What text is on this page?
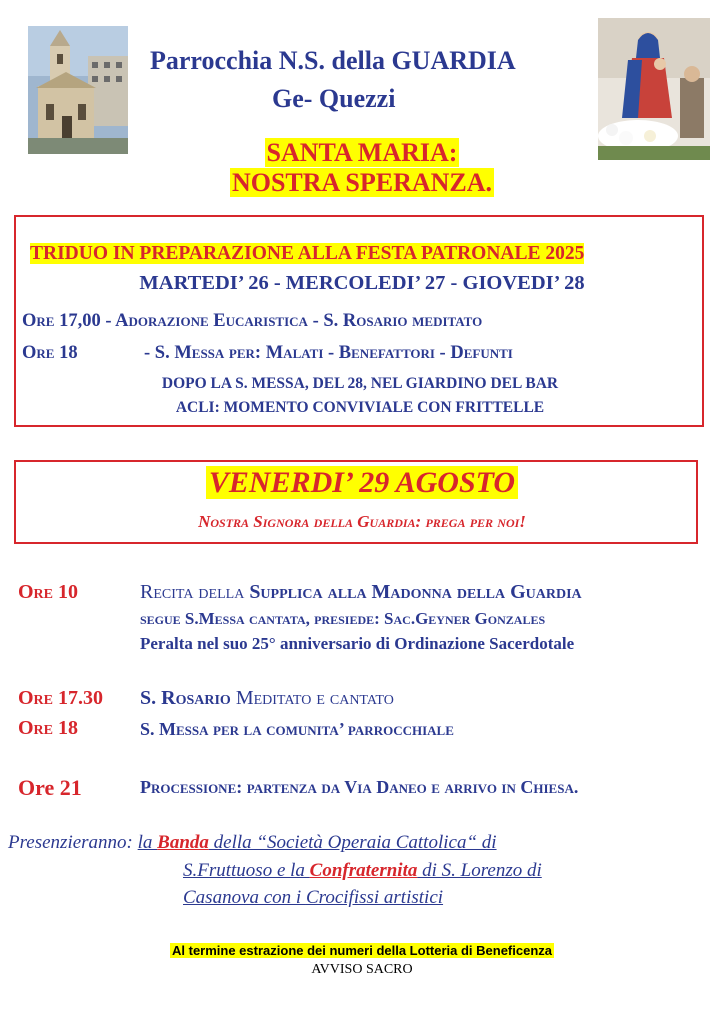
Parrocchia N.S. della GUARDIA
Ge- Quezzi
SANTA MARIA:
NOSTRA SPERANZA.
TRIDUO IN PREPARAZIONE ALLA FESTA PATRONALE 2025
MARTEDI’ 26 - MERCOLEDI’ 27 - GIOVEDI’ 28
Ore 17,00 - Adorazione Eucaristica - S. Rosario meditato
Ore 18	- S. Messa per: Malati - Benefattori - Defunti
DOPO LA S. MESSA, DEL 28, NEL GIARDINO DEL BAR ACLI: MOMENTO CONVIVIALE CON FRITTELLE
VENERDI’ 29 AGOSTO
Nostra Signora della Guardia: prega per noi!
Ore 10	Recita della Supplica alla Madonna della Guardia
segue S.Messa cantata, presiede: Sac.Geyner Gonzales
Peralta nel suo 25° anniversario di Ordinazione Sacerdotale
Ore 17.30 S. Rosario Meditato e cantato
Ore 18	S. Messa per la comunita’ parrocchiale
Ore 21	Processione: partenza da Via Daneo e arrivo in Chiesa.
Presenzieranno: la Banda della “Società Operaia Cattolica“ di
S.Fruttuoso e la Confraternita di S. Lorenzo di
Casanova con i Crocifissi artistici
Al termine estrazione dei numeri della Lotteria di Beneficenza
AVVISO SACRO
